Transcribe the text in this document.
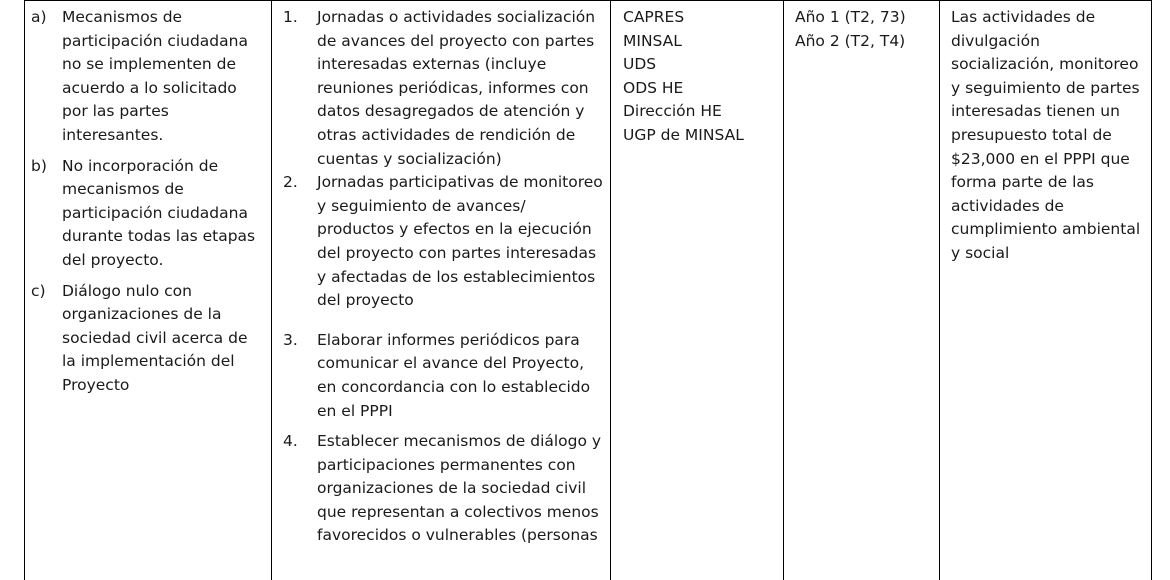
a) Mecanismos de participación ciudadana no se implementen de acuerdo a lo solicitado por las partes interesantes.
b) No incorporación de mecanismos de participación ciudadana durante todas las etapas del proyecto.
c) Diálogo nulo con organizaciones de la sociedad civil acerca de la implementación del Proyecto
1. Jornadas o actividades socialización de avances del proyecto con partes interesadas externas (incluye reuniones periódicas, informes con datos desagregados de atención y otras actividades de rendición de cuentas y socialización)
2. Jornadas participativas de monitoreo y seguimiento de avances/ productos y efectos en la ejecución del proyecto con partes interesadas y afectadas de los establecimientos del proyecto
3. Elaborar informes periódicos para comunicar el avance del Proyecto, en concordancia con lo establecido en el PPPI
4. Establecer mecanismos de diálogo y participaciones permanentes con organizaciones de la sociedad civil que representan a colectivos menos favorecidos o vulnerables (personas
CAPRES
MINSAL
UDS
ODS HE
Dirección HE
UGP de MINSAL
Año 1 (T2, 73)
Año 2 (T2, T4)
Las actividades de divulgación socialización, monitoreo y seguimiento de partes interesadas tienen un presupuesto total de $23,000 en el PPPI que forma parte de las actividades de cumplimiento ambiental y social
